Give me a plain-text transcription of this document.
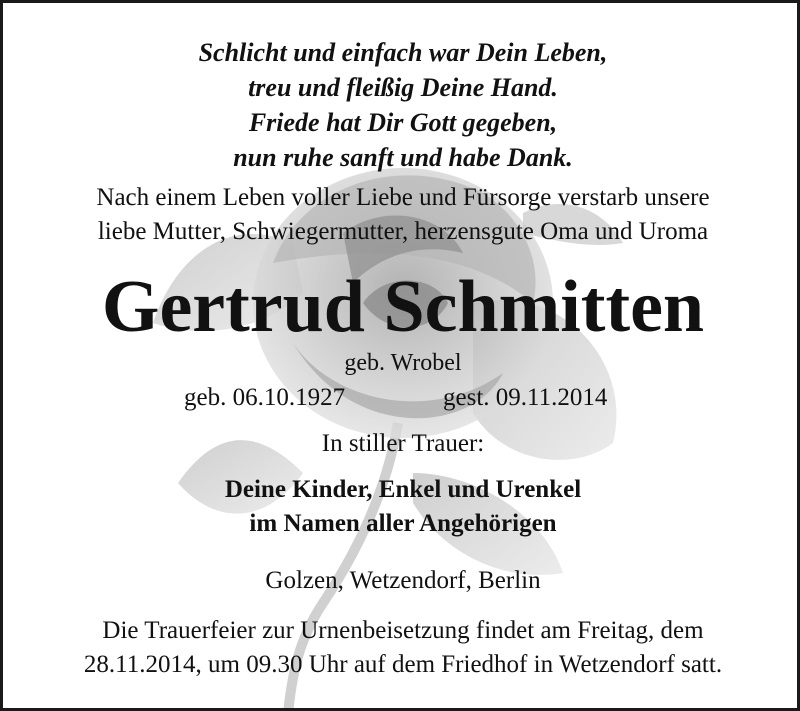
Schlicht und einfach war Dein Leben,
treu und fleißig Deine Hand.
Friede hat Dir Gott gegeben,
nun ruhe sanft und habe Dank.
Nach einem Leben voller Liebe und Fürsorge verstarb unsere
liebe Mutter, Schwiegermutter, herzensgute Oma und Uroma
Gertrud Schmitten
geb. Wrobel
geb. 06.10.1927	gest. 09.11.2014
In stiller Trauer:
Deine Kinder, Enkel und Urenkel
im Namen aller Angehörigen
Golzen, Wetzendorf, Berlin
Die Trauerfeier zur Urnenbeisetzung findet am Freitag, dem
28.11.2014, um 09.30 Uhr auf dem Friedhof in Wetzendorf satt.
